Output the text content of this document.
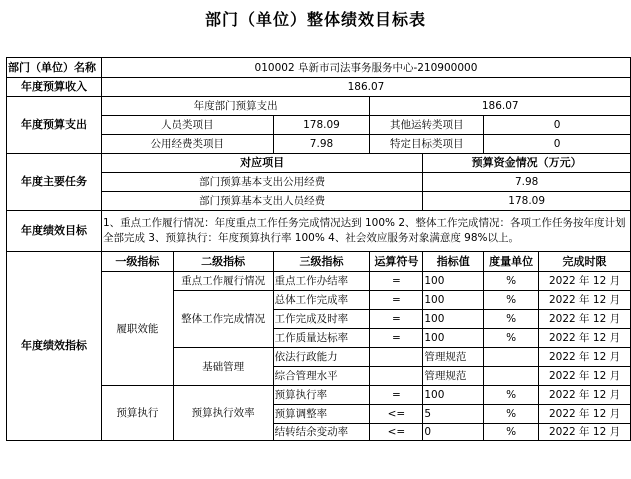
部门（单位）整体绩效目标表
部门（单位）名称	010002 阜新市司法事务服务中心-210900000						
年度预算收入	186.07						
年度预算支出	年度部门预算支出			186.07			
	人员类项目		178.09	其他运转类项目		0	
	公用经费类项目		7.98	特定目标类项目		0	
年度主要任务	对应项目				预算资金情况（万元）		
	部门预算基本支出公用经费				7.98		
	部门预算基本支出人员经费				178.09		
年度绩效目标	1、重点工作履行情况：年度重点工作任务完成情况达到 100% 2、整体工作完成情况：各项工作任务按年度计划全部完成 3、预算执行：年度预算执行率 100% 4、社会效应服务对象满意度 98%以上。						
年度绩效指标	一级指标	二级指标	三级指标	运算符号	指标值	度量单位	完成时限
	履职效能	重点工作履行情况	重点工作办结率	=	100	%	2022 年 12 月
		整体工作完成情况	总体工作完成率	=	100	%	2022 年 12 月
			工作完成及时率	=	100	%	2022 年 12 月
			工作质量达标率	=	100	%	2022 年 12 月
		基础管理	依法行政能力		管理规范		2022 年 12 月
			综合管理水平		管理规范		2022 年 12 月
	预算执行	预算执行效率	预算执行率	=	100	%	2022 年 12 月
			预算调整率	<=	5	%	2022 年 12 月
			结转结余变动率	<=	0	%	2022 年 12 月
